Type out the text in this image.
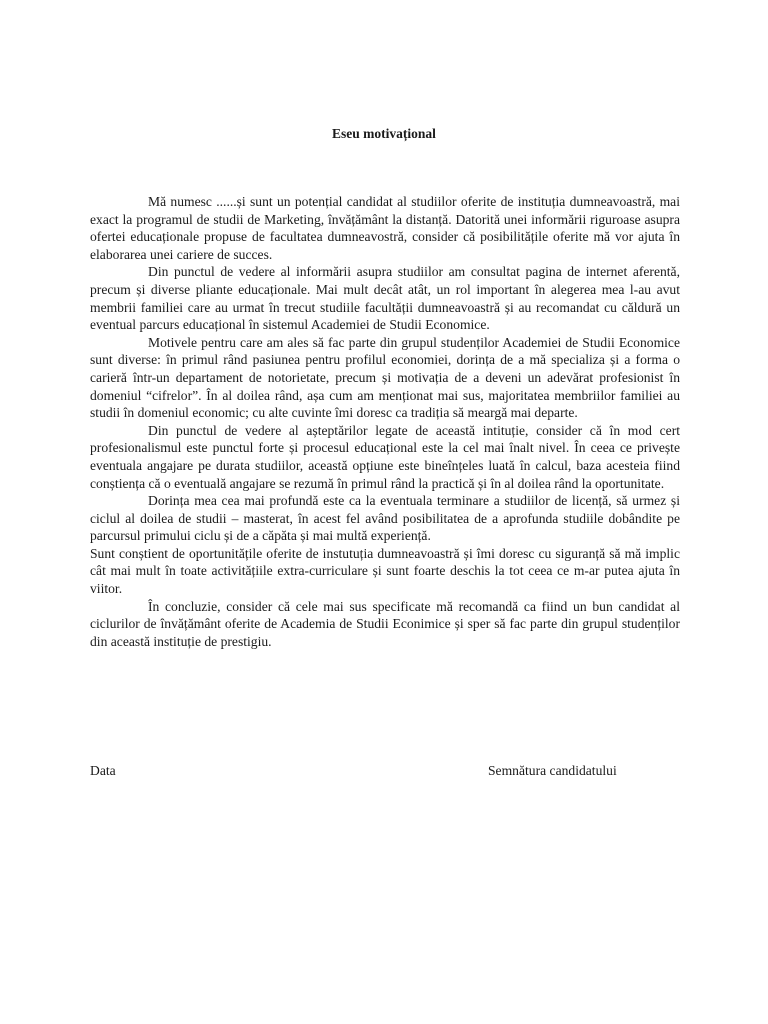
Eseu motivațional

Mă numesc ......și sunt un potențial candidat al studiilor oferite de instituția dumneavoastră, mai exact la programul de studii de Marketing, învățământ la distanță. Datorită unei informării riguroase asupra ofertei educaționale propuse de facultatea dumneavostră, consider că posibilitățile oferite mă vor ajuta în elaborarea unei cariere de succes.

Din punctul de vedere al informării asupra studiilor am consultat pagina de internet aferentă, precum și diverse pliante educaționale. Mai mult decât atât, un rol important în alegerea mea l-au avut membrii familiei care au urmat în trecut studiile facultății dumneavoastră și au recomandat cu căldură un eventual parcurs educațional în sistemul Academiei de Studii Economice.

Motivele pentru care am ales să fac parte din grupul studenților Academiei de Studii Economice sunt diverse: în primul rând pasiunea pentru profilul economiei, dorința de a mă specializa și a forma o carieră într-un departament de notorietate, precum și motivația de a deveni un adevărat profesionist în domeniul “cifrelor”. În al doilea rând, așa cum am menționat mai sus, majoritatea membriilor familiei au studii în domeniul economic; cu alte cuvinte îmi doresc ca tradiția să meargă mai departe.

Din punctul de vedere al așteptărilor legate de această intituție, consider că în mod cert profesionalismul este punctul forte și procesul educațional este la cel mai înalt nivel. În ceea ce privește eventuala angajare pe durata studiilor, această opțiune este bineînțeles luată în calcul, baza acesteia fiind conștiența că o eventuală angajare se rezumă în primul rând la practică și în al doilea rând la oportunitate.

Dorința mea cea mai profundă este ca la eventuala terminare a studiilor de licență, să urmez și ciclul al doilea de studii – masterat, în acest fel având posibilitatea de a aprofunda studiile dobândite pe parcursul primului ciclu și de a căpăta și mai multă experiență.

Sunt conștient de oportunitățile oferite de instutuția dumneavoastră și îmi doresc cu siguranță să mă implic cât mai mult în toate activitățiile extra-curriculare și sunt foarte deschis la tot ceea ce m-ar putea ajuta în viitor.

În concluzie, consider că cele mai sus specificate mă recomandă ca fiind un bun candidat al ciclurilor de învățământ oferite de Academia de Studii Econimice și sper să fac parte din grupul studenților din această instituție de prestigiu.

Data	Semnătura candidatului
